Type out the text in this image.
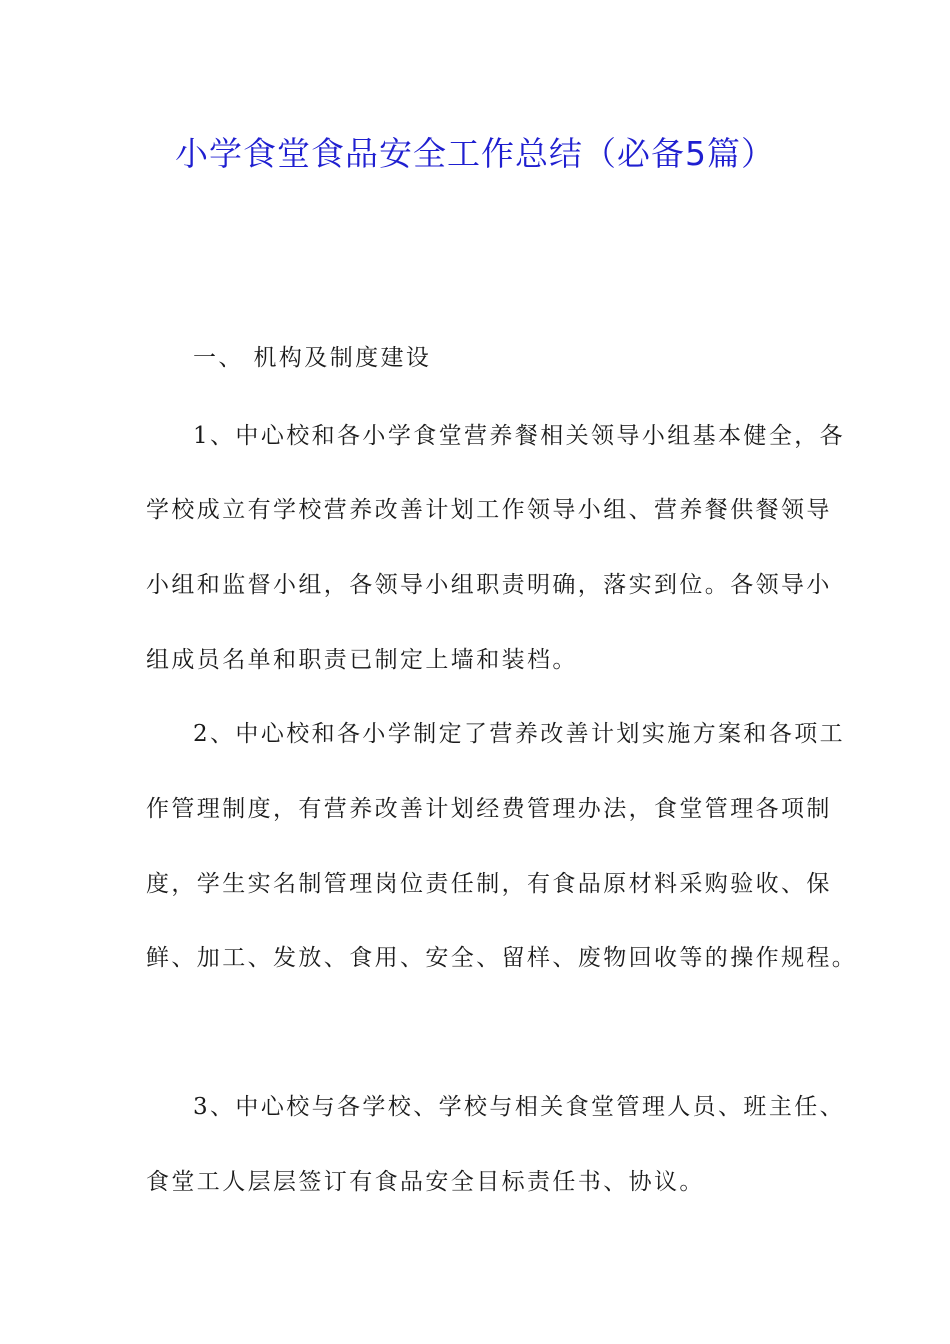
小学食堂食品安全工作总结（必备5篇）
一、 机构及制度建设
1、中心校和各小学食堂营养餐相关领导小组基本健全，各
学校成立有学校营养改善计划工作领导小组、营养餐供餐领导
小组和监督小组，各领导小组职责明确，落实到位。各领导小
组成员名单和职责已制定上墙和装档。
2、中心校和各小学制定了营养改善计划实施方案和各项工
作管理制度，有营养改善计划经费管理办法，食堂管理各项制
度，学生实名制管理岗位责任制，有食品原材料采购验收、保
鲜、加工、发放、食用、安全、留样、废物回收等的操作规程。
3、中心校与各学校、学校与相关食堂管理人员、班主任、
食堂工人层层签订有食品安全目标责任书、协议。
